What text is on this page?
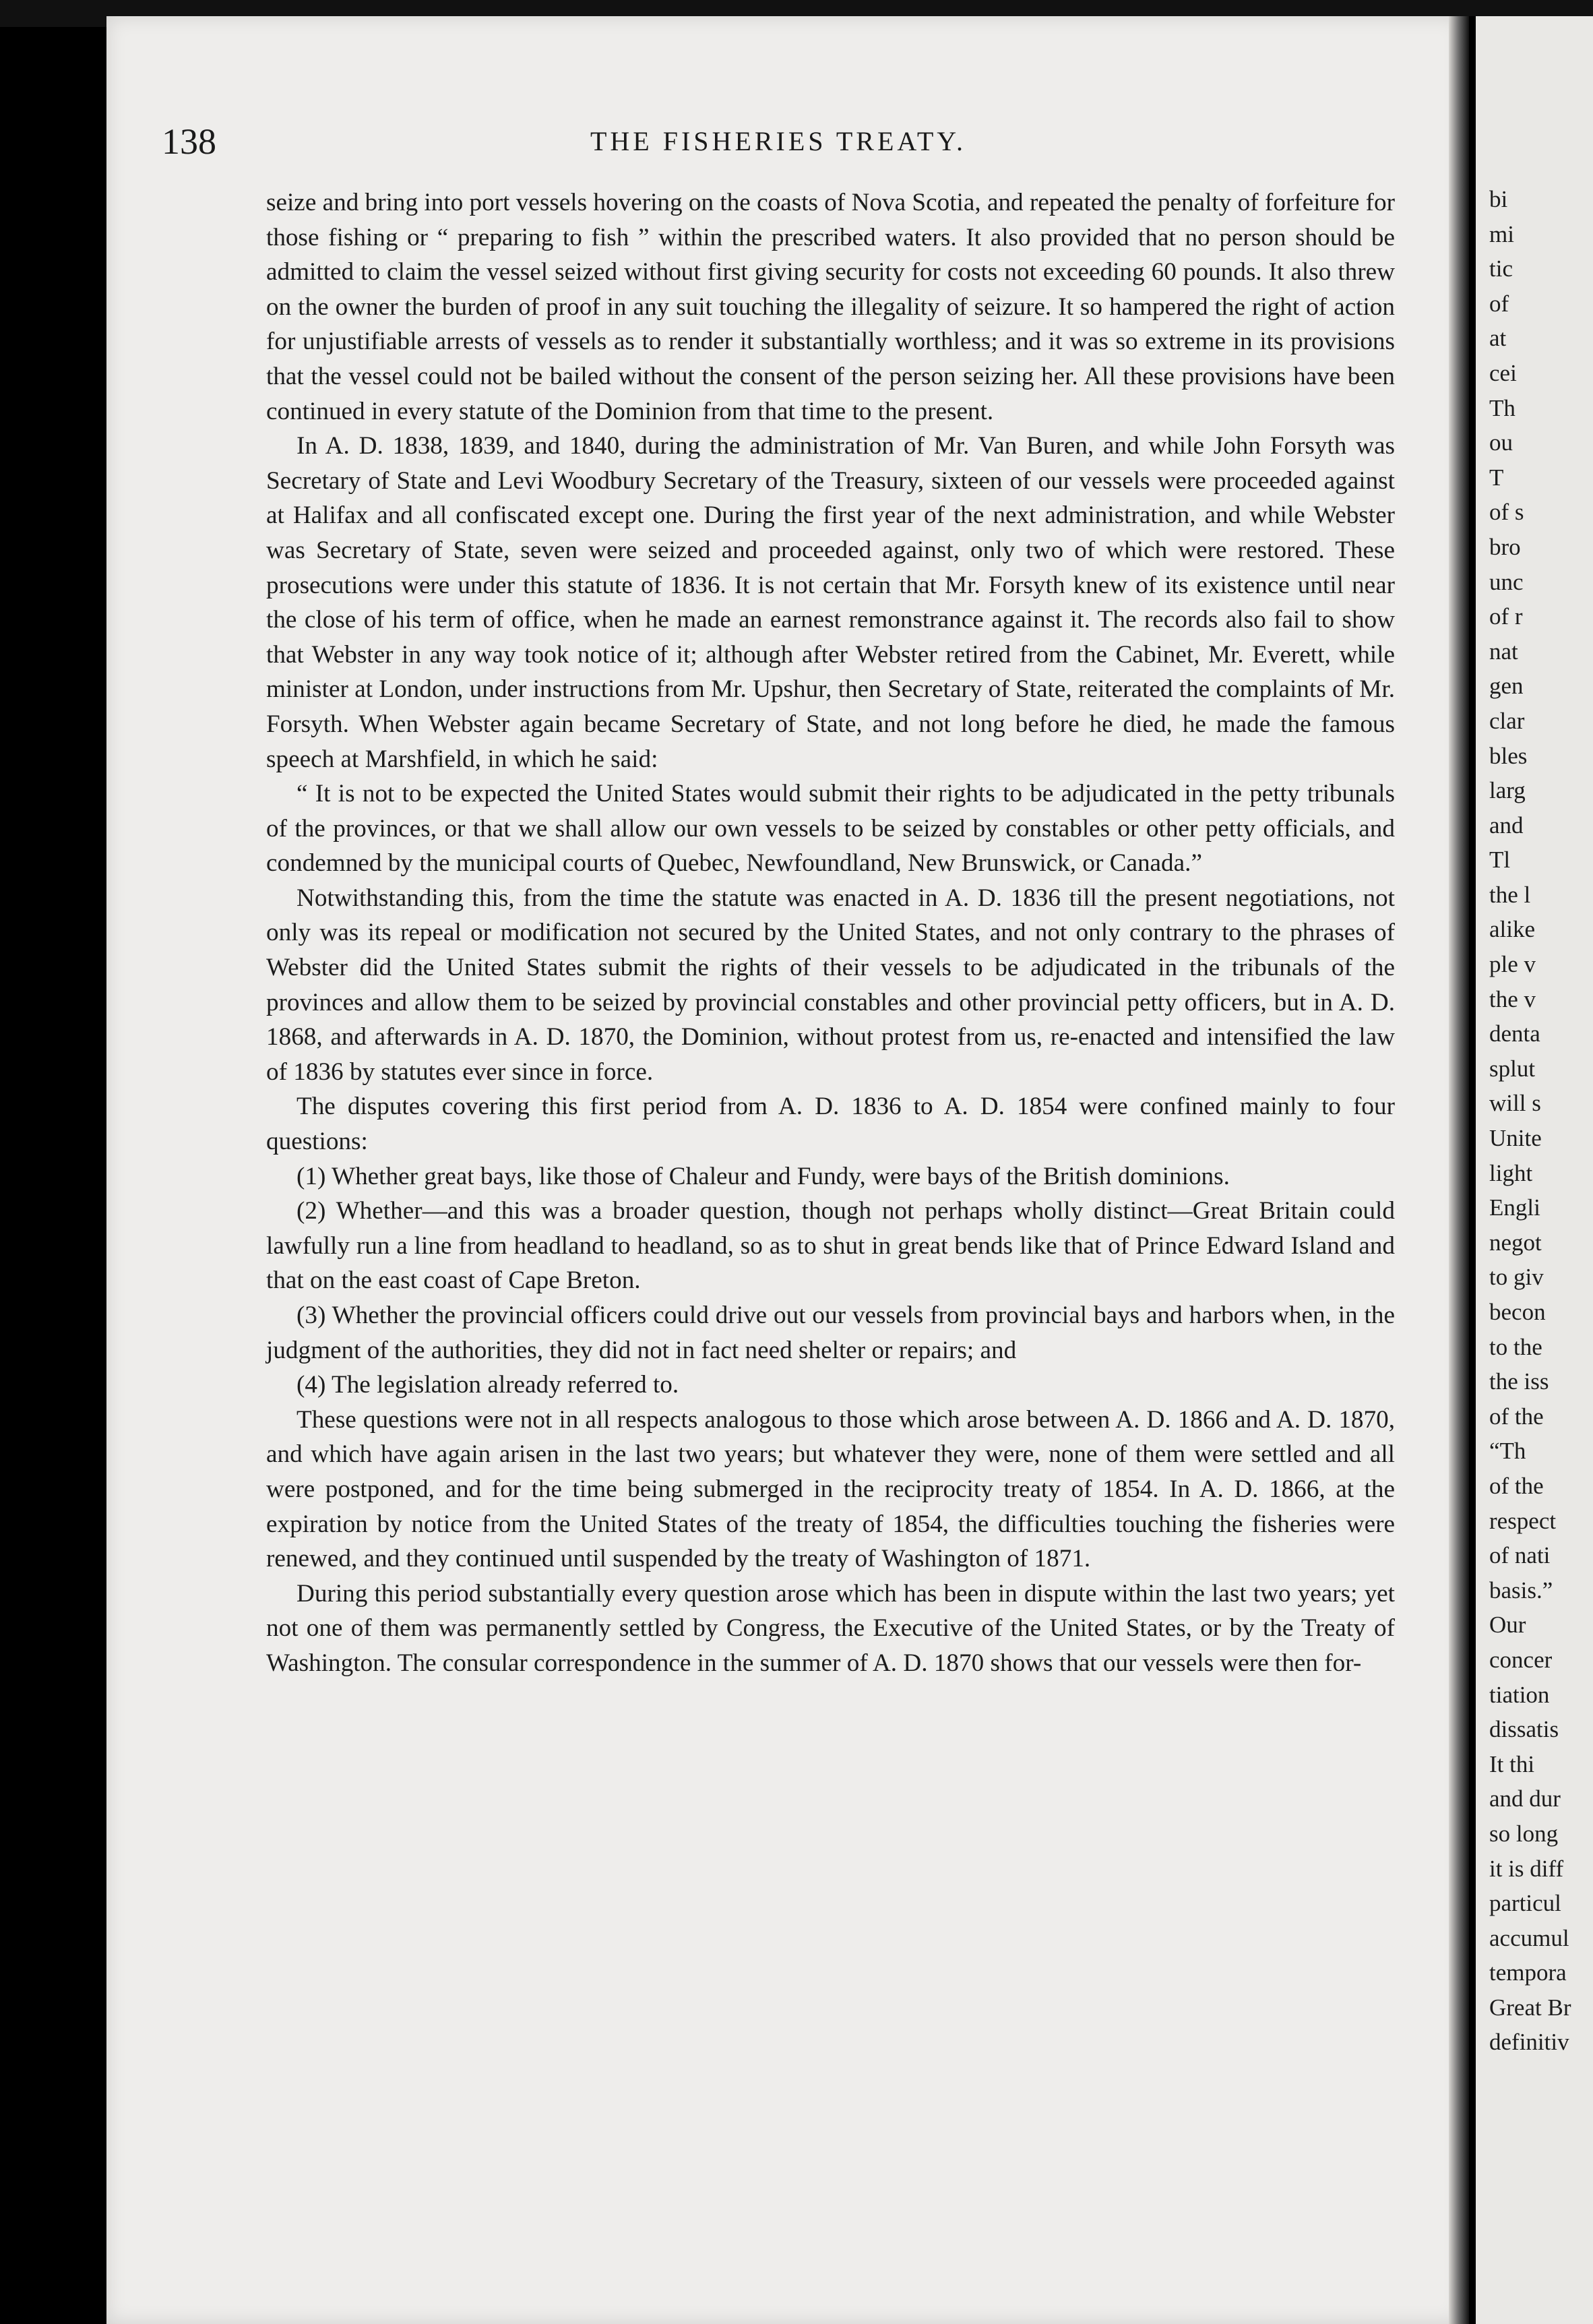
bi
mi
tic
of
at
cei
Th
ou
T
of s
bro
unc
of r
nat
gen
clar
bles
larg
and
Tl
the l
alike
ple v
the v
denta
splut
will s
Unite
light
Engli
negot
to giv
becon
to the
the iss
of the
“Th
of the
respect
of nati
basis.”
Our
concer
tiation
dissatis
It thi
and dur
so long
it is diff
particul
accumul
tempora
Great Br
definitiv
138	THE FISHERIES TREATY.

seize and bring into port vessels hovering on the coasts of Nova Scotia, and repeated the penalty of forfeiture for those fishing or “ preparing to fish ” within the prescribed waters. It also provided that no person should be admitted to claim the vessel seized without first giving security for costs not exceeding 60 pounds. It also threw on the owner the burden of proof in any suit touching the illegality of seizure. It so hampered the right of action for unjustifiable arrests of vessels as to render it substantially worthless; and it was so extreme in its provisions that the vessel could not be bailed without the consent of the person seizing her. All these provisions have been continued in every statute of the Dominion from that time to the present.

In A. D. 1838, 1839, and 1840, during the administration of Mr. Van Buren, and while John Forsyth was Secretary of State and Levi Woodbury Secretary of the Treasury, sixteen of our vessels were proceeded against at Halifax and all confiscated except one. During the first year of the next administration, and while Webster was Secretary of State, seven were seized and proceeded against, only two of which were restored. These prosecutions were under this statute of 1836. It is not certain that Mr. Forsyth knew of its existence until near the close of his term of office, when he made an earnest remonstrance against it. The records also fail to show that Webster in any way took notice of it; although after Webster retired from the Cabinet, Mr. Everett, while minister at London, under instructions from Mr. Upshur, then Secretary of State, reiterated the complaints of Mr. Forsyth. When Webster again became Secretary of State, and not long before he died, he made the famous speech at Marshfield, in which he said:

“ It is not to be expected the United States would submit their rights to be adjudicated in the petty tribunals of the provinces, or that we shall allow our own vessels to be seized by constables or other petty officials, and condemned by the municipal courts of Quebec, Newfoundland, New Brunswick, or Canada.”

Notwithstanding this, from the time the statute was enacted in A. D. 1836 till the present negotiations, not only was its repeal or modification not secured by the United States, and not only contrary to the phrases of Webster did the United States submit the rights of their vessels to be adjudicated in the tribunals of the provinces and allow them to be seized by provincial constables and other provincial petty officers, but in A. D. 1868, and afterwards in A. D. 1870, the Dominion, without protest from us, re-enacted and intensified the law of 1836 by statutes ever since in force.

The disputes covering this first period from A. D. 1836 to A. D. 1854 were confined mainly to four questions:

(1) Whether great bays, like those of Chaleur and Fundy, were bays of the British dominions.

(2) Whether—and this was a broader question, though not perhaps wholly distinct—Great Britain could lawfully run a line from headland to headland, so as to shut in great bends like that of Prince Edward Island and that on the east coast of Cape Breton.

(3) Whether the provincial officers could drive out our vessels from provincial bays and harbors when, in the judgment of the authorities, they did not in fact need shelter or repairs; and

(4) The legislation already referred to.

These questions were not in all respects analogous to those which arose between A. D. 1866 and A. D. 1870, and which have again arisen in the last two years; but whatever they were, none of them were settled and all were postponed, and for the time being submerged in the reciprocity treaty of 1854. In A. D. 1866, at the expiration by notice from the United States of the treaty of 1854, the difficulties touching the fisheries were renewed, and they continued until suspended by the treaty of Washington of 1871.

During this period substantially every question arose which has been in dispute within the last two years; yet not one of them was permanently settled by Congress, the Executive of the United States, or by the Treaty of Washington. The consular correspondence in the summer of A. D. 1870 shows that our vessels were then for-
